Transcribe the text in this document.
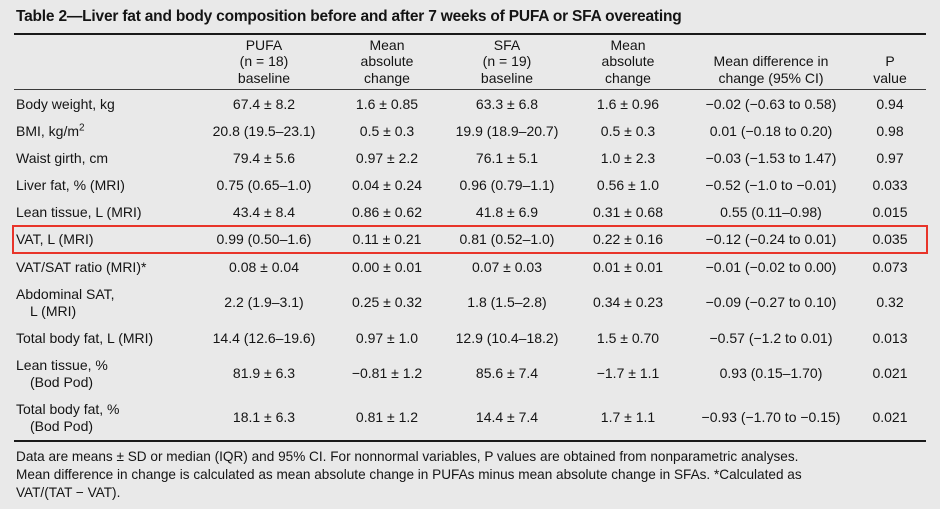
Table 2—Liver fat and body composition before and after 7 weeks of PUFA or SFA overeating
	PUFA
(n = 18)
baseline	Mean
absolute
change	SFA
(n = 19)
baseline	Mean
absolute
change	Mean difference in
change (95% CI)	P
value
Body weight, kg	67.4 ± 8.2	1.6 ± 0.85	63.3 ± 6.8	1.6 ± 0.96	−0.02 (−0.63 to 0.58)	0.94
BMI, $kg/m^2$	20.8 (19.5–23.1)	0.5 ± 0.3	19.9 (18.9–20.7)	0.5 ± 0.3	0.01 (−0.18 to 0.20)	0.98
Waist girth, cm	79.4 ± 5.6	0.97 ± 2.2	76.1 ± 5.1	1.0 ± 2.3	−0.03 (−1.53 to 1.47)	0.97
Liver fat, % (MRI)	0.75 (0.65–1.0)	0.04 ± 0.24	0.96 (0.79–1.1)	0.56 ± 1.0	−0.52 (−1.0 to −0.01)	0.033
Lean tissue, L (MRI)	43.4 ± 8.4	0.86 ± 0.62	41.8 ± 6.9	0.31 ± 0.68	0.55 (0.11–0.98)	0.015
VAT, L (MRI)	0.99 (0.50–1.6)	0.11 ± 0.21	0.81 (0.52–1.0)	0.22 ± 0.16	−0.12 (−0.24 to 0.01)	0.035
VAT/SAT ratio (MRI)*	0.08 ± 0.04	0.00 ± 0.01	0.07 ± 0.03	0.01 ± 0.01	−0.01 (−0.02 to 0.00)	0.073

Abdominal SAT,
L (MRI)	2.2 (1.9–3.1)	0.25 ± 0.32	1.8 (1.5–2.8)	0.34 ± 0.23	−0.09 (−0.27 to 0.10)	0.32
Total body fat, L (MRI)	14.4 (12.6–19.6)	0.97 ± 1.0	12.9 (10.4–18.2)	1.5 ± 0.70	−0.57 (−1.2 to 0.01)	0.013

Lean tissue, %
(Bod Pod)	81.9 ± 6.3	−0.81 ± 1.2	85.6 ± 7.4	−1.7 ± 1.1	0.93 (0.15–1.70)	0.021

Total body fat, %
(Bod Pod)	18.1 ± 6.3	0.81 ± 1.2	14.4 ± 7.4	1.7 ± 1.1	−0.93 (−1.70 to −0.15)	0.021

Data are means ± SD or median (IQR) and 95% CI. For nonnormal variables, P values are obtained from nonparametric analyses.

Mean difference in change is calculated as mean absolute change in PUFAs minus mean absolute change in SFAs. *Calculated as

VAT/(TAT − VAT).
